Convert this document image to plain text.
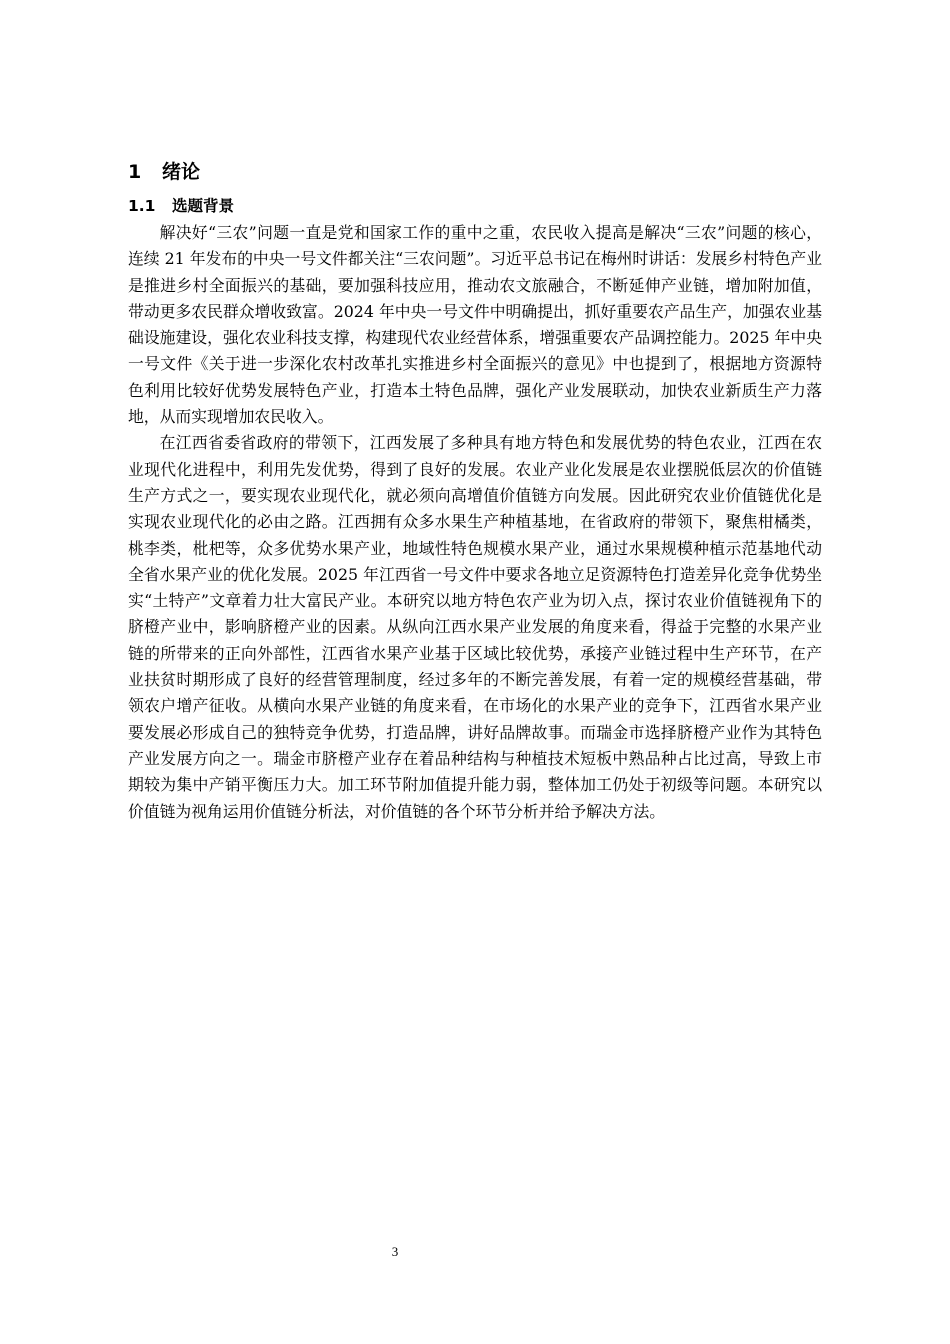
1 绪论
1.1 选题背景

解决好“三农”问题一直是党和国家工作的重中之重，农民收入提高是解决“三农”问题的核心，连续 21 年发布的中央一号文件都关注“三农问题”。习近平总书记在梅州时讲话：发展乡村特色产业是推进乡村全面振兴的基础，要加强科技应用，推动农文旅融合，不断延伸产业链，增加附加值，带动更多农民群众增收致富。2024 年中央一号文件中明确提出，抓好重要农产品生产，加强农业基础设施建设，强化农业科技支撑，构建现代农业经营体系，增强重要农产品调控能力。2025 年中央一号文件《关于进一步深化农村改革扎实推进乡村全面振兴的意见》中也提到了，根据地方资源特色利用比较好优势发展特色产业，打造本土特色品牌，强化产业发展联动，加快农业新质生产力落地，从而实现增加农民收入。

在江西省委省政府的带领下，江西发展了多种具有地方特色和发展优势的特色农业，江西在农业现代化进程中，利用先发优势，得到了良好的发展。农业产业化发展是农业摆脱低层次的价值链生产方式之一，要实现农业现代化，就必须向高增值价值链方向发展。因此研究农业价值链优化是实现农业现代化的必由之路。江西拥有众多水果生产种植基地，在省政府的带领下，聚焦柑橘类，桃李类，枇杷等，众多优势水果产业，地域性特色规模水果产业，通过水果规模种植示范基地代动全省水果产业的优化发展。2025 年江西省一号文件中要求各地立足资源特色打造差异化竞争优势坐实“土特产”文章着力壮大富民产业。本研究以地方特色农产业为切入点，探讨农业价值链视角下的脐橙产业中，影响脐橙产业的因素。从纵向江西水果产业发展的角度来看，得益于完整的水果产业链的所带来的正向外部性，江西省水果产业基于区域比较优势，承接产业链过程中生产环节，在产业扶贫时期形成了良好的经营管理制度，经过多年的不断完善发展，有着一定的规模经营基础，带领农户增产征收。从横向水果产业链的角度来看，在市场化的水果产业的竞争下，江西省水果产业要发展必形成自己的独特竞争优势，打造品牌，讲好品牌故事。而瑞金市选择脐橙产业作为其特色产业发展方向之一。瑞金市脐橙产业存在着品种结构与种植技术短板中熟品种占比过高，导致上市期较为集中产销平衡压力大。加工环节附加值提升能力弱，整体加工仍处于初级等问题。本研究以价值链为视角运用价值链分析法，对价值链的各个环节分析并给予解决方法。

3
